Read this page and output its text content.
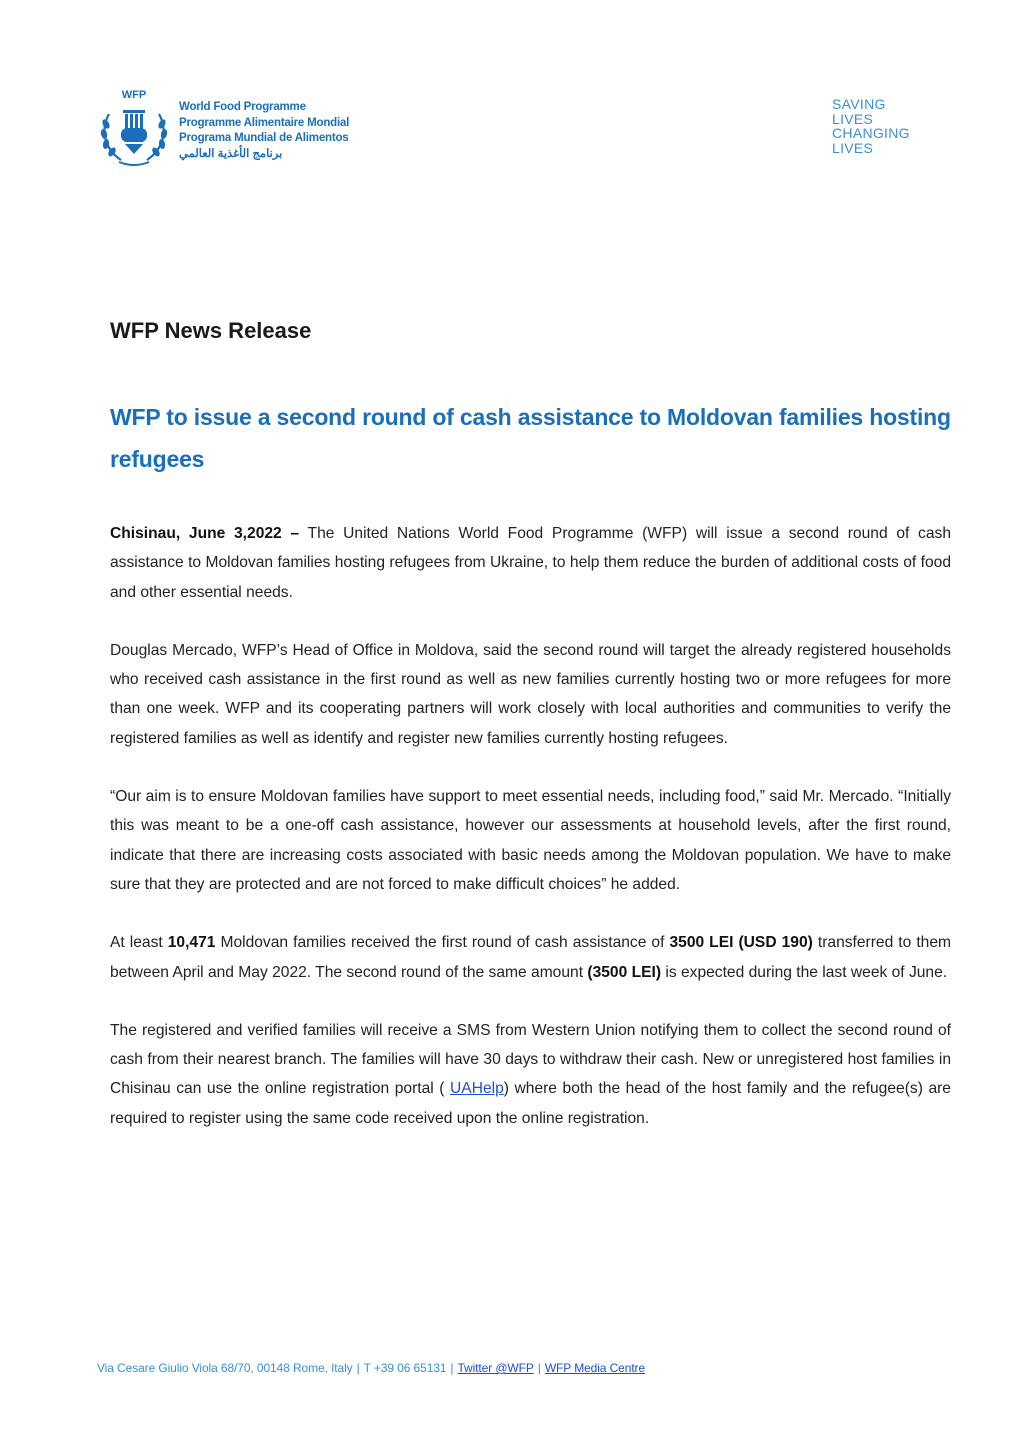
WFP
World Food Programme
Programme Alimentaire Mondial
Programa Mundial de Alimentos
برنامج الأغذية العالمي
SAVING
LIVES
CHANGING
LIVES
WFP News Release
WFP to issue a second round of cash assistance to Moldovan families hosting refugees

Chisinau, June 3,2022 – The United Nations World Food Programme (WFP) will issue a second round of cash assistance to Moldovan families hosting refugees from Ukraine, to help them reduce the burden of additional costs of food and other essential needs.

Douglas Mercado, WFP’s Head of Office in Moldova, said the second round will target the already registered households who received cash assistance in the first round as well as new families currently hosting two or more refugees for more than one week. WFP and its cooperating partners will work closely with local authorities and communities to verify the registered families as well as identify and register new families currently hosting refugees.

“Our aim is to ensure Moldovan families have support to meet essential needs, including food,” said Mr. Mercado. “Initially this was meant to be a one-off cash assistance, however our assessments at household levels, after the first round, indicate that there are increasing costs associated with basic needs among the Moldovan population. We have to make sure that they are protected and are not forced to make difficult choices” he added.

At least 10,471 Moldovan families received the first round of cash assistance of 3500 LEI (USD 190) transferred to them between April and May 2022. The second round of the same amount (3500 LEI) is expected during the last week of June.

The registered and verified families will receive a SMS from Western Union notifying them to collect the second round of cash from their nearest branch. The families will have 30 days to withdraw their cash. New or unregistered host families in Chisinau can use the online registration portal ( UAHelp) where both the head of the host family and the refugee(s) are required to register using the same code received upon the online registration.

Via Cesare Giulio Viola 68/70, 00148 Rome, Italy | T +39 06 65131 | Twitter @WFP | WFP Media Centre
